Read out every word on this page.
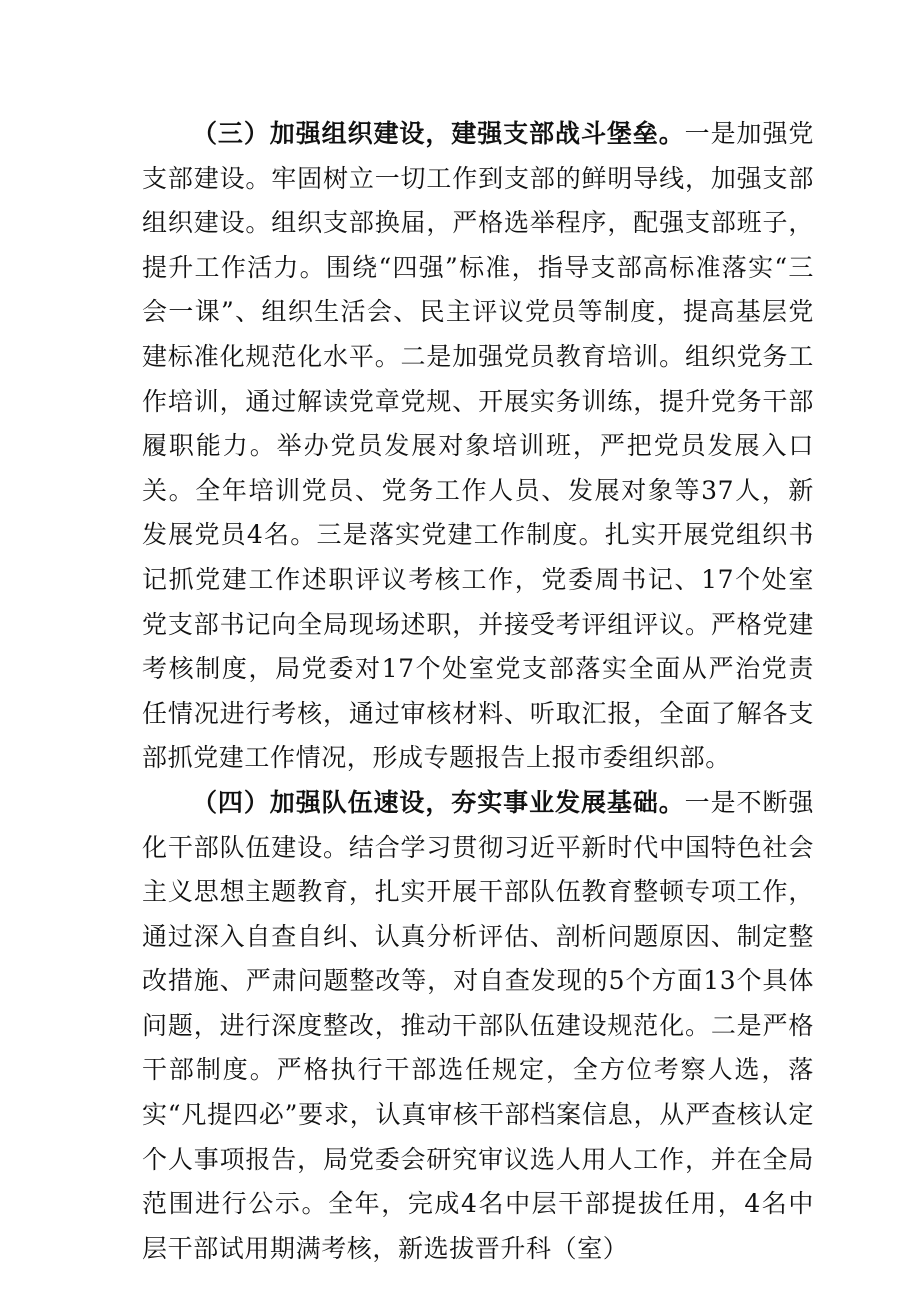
（三）加强组织建设，建强支部战斗堡垒。一是加强党支部建设。牢固树立一切工作到支部的鲜明导线，加强支部组织建设。组织支部换届，严格选举程序，配强支部班子，提升工作活力。围绕“四强”标准，指导支部高标准落实“三会一课”、组织生活会、民主评议党员等制度，提高基层党建标准化规范化水平。二是加强党员教育培训。组织党务工作培训，通过解读党章党规、开展实务训练，提升党务干部履职能力。举办党员发展对象培训班，严把党员发展入口关。全年培训党员、党务工作人员、发展对象等37人，新发展党员4名。三是落实党建工作制度。扎实开展党组织书记抓党建工作述职评议考核工作，党委周书记、17个处室党支部书记向全局现场述职，并接受考评组评议。严格党建考核制度，局党委对17个处室党支部落实全面从严治党责任情况进行考核，通过审核材料、听取汇报，全面了解各支部抓党建工作情况，形成专题报告上报市委组织部。

（四）加强队伍速设，夯实事业发展基础。一是不断强化干部队伍建设。结合学习贯彻习近平新时代中国特色社会主义思想主题教育，扎实开展干部队伍教育整顿专项工作，通过深入自查自纠、认真分析评估、剖析问题原因、制定整改措施、严肃问题整改等，对自查发现的5个方面13个具体问题，进行深度整改，推动干部队伍建设规范化。二是严格干部制度。严格执行干部选任规定，全方位考察人选，落实“凡提四必”要求，认真审核干部档案信息，从严查核认定个人事项报告，局党委会研究审议选人用人工作，并在全局范围进行公示。全年，完成4名中层干部提拔任用，4名中层干部试用期满考核，新选拔晋升科（室）
